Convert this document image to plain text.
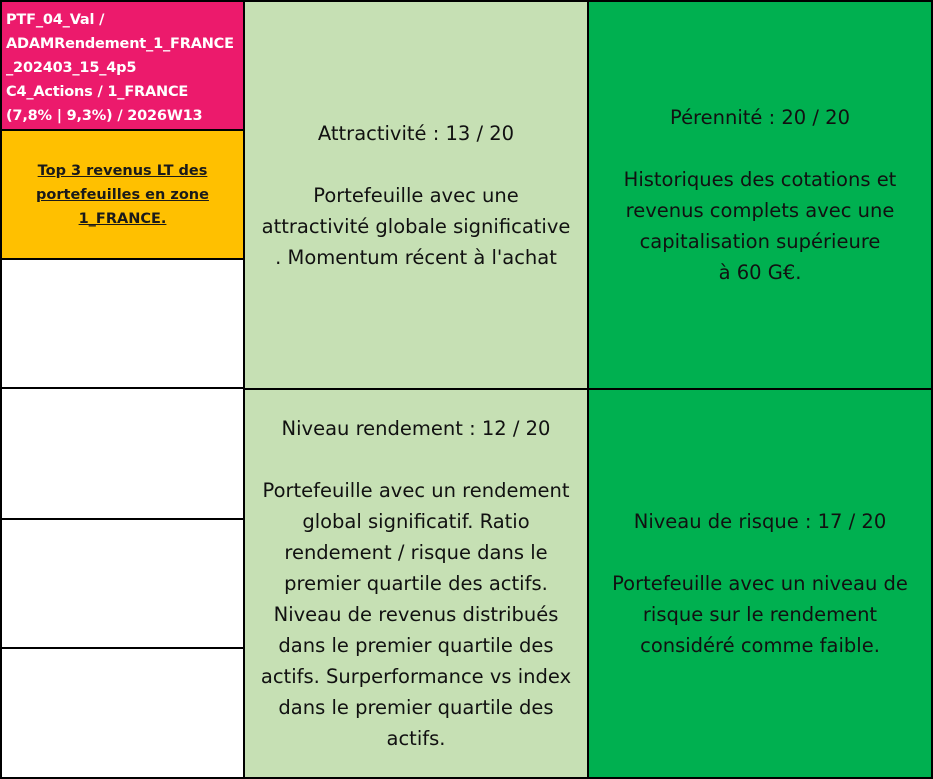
PTF_04_Val /
ADAMRendement_1_FRANCE
_202403_15_4p5
C4_Actions / 1_FRANCE
(7,8% | 9,3%) / 2026W13
Top 3 revenus LT des portefeuilles en zone 1_FRANCE.
Attractivité : 13 / 20
Portefeuille avec une
attractivité globale significative
. Momentum récent à l'achat
Pérennité : 20 / 20
Historiques des cotations et
revenus complets avec une
capitalisation supérieure
à 60 G€.
Niveau rendement : 12 / 20
Portefeuille avec un rendement
global significatif. Ratio
rendement / risque dans le
premier quartile des actifs.
Niveau de revenus distribués
dans le premier quartile des
actifs. Surperformance vs index
dans le premier quartile des
actifs.
Niveau de risque : 17 / 20
Portefeuille avec un niveau de
risque sur le rendement
considéré comme faible.
